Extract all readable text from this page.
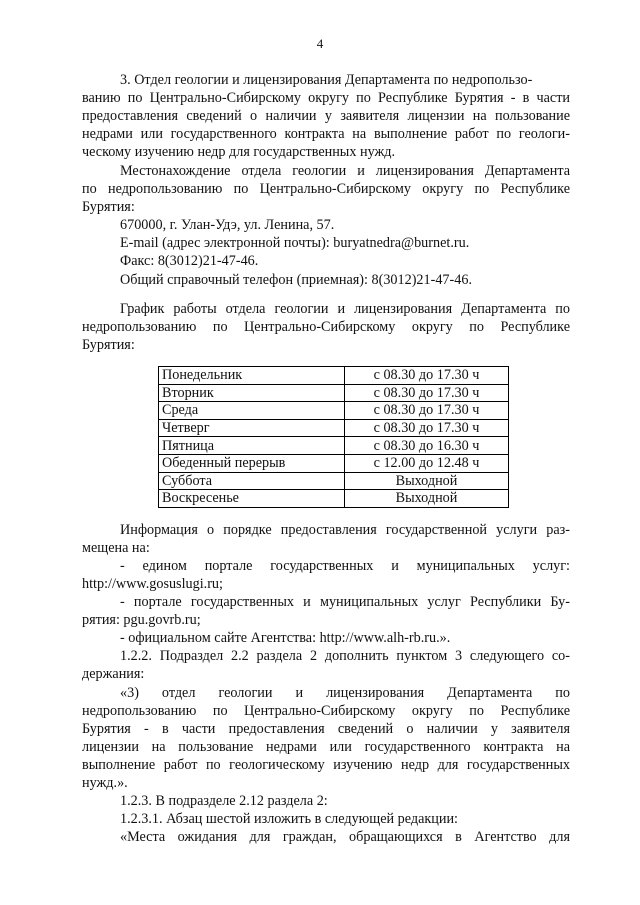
4
3. Отдел геологии и лицензирования Департамента по недропользо-
ванию по Центрально-Сибирскому округу по Республике Бурятия - в части
предоставления сведений о наличии у заявителя лицензии на пользование
недрами или государственного контракта на выполнение работ по геологи-
ческому изучению недр для государственных нужд.
Местонахождение отдела геологии и лицензирования Департамента
по недропользованию по Центрально-Сибирскому округу по Республике
Бурятия:
670000, г. Улан-Удэ, ул. Ленина, 57.
E-mail (адрес электронной почты): buryatnedra@burnet.ru.
Факс: 8(3012)21-47-46.
Общий справочный телефон (приемная): 8(3012)21-47-46.
График работы отдела геологии и лицензирования Департамента по
недропользованию по Центрально-Сибирскому округу по Республике
Бурятия:
Понедельник	с 08.30 до 17.30 ч
Вторник	с 08.30 до 17.30 ч
Среда	с 08.30 до 17.30 ч
Четверг	с 08.30 до 17.30 ч
Пятница	с 08.30 до 16.30 ч
Обеденный перерыв	с 12.00 до 12.48 ч
Суббота	Выходной
Воскресенье	Выходной
Информация о порядке предоставления государственной услуги раз-
мещена на:
- едином портале государственных и муниципальных услуг:
http://www.gosuslugi.ru;
- портале государственных и муниципальных услуг Республики Бу-
рятия: pgu.govrb.ru;
- официальном сайте Агентства: http://www.alh-rb.ru.».
1.2.2. Подраздел 2.2 раздела 2 дополнить пунктом 3 следующего со-
держания:
«3) отдел геологии и лицензирования Департамента по
недропользованию по Центрально-Сибирскому округу по Республике
Бурятия - в части предоставления сведений о наличии у заявителя
лицензии на пользование недрами или государственного контракта на
выполнение работ по геологическому изучению недр для государственных
нужд.».
1.2.3. В подразделе 2.12 раздела 2:
1.2.3.1. Абзац шестой изложить в следующей редакции:
«Места ожидания для граждан, обращающихся в Агентство для
